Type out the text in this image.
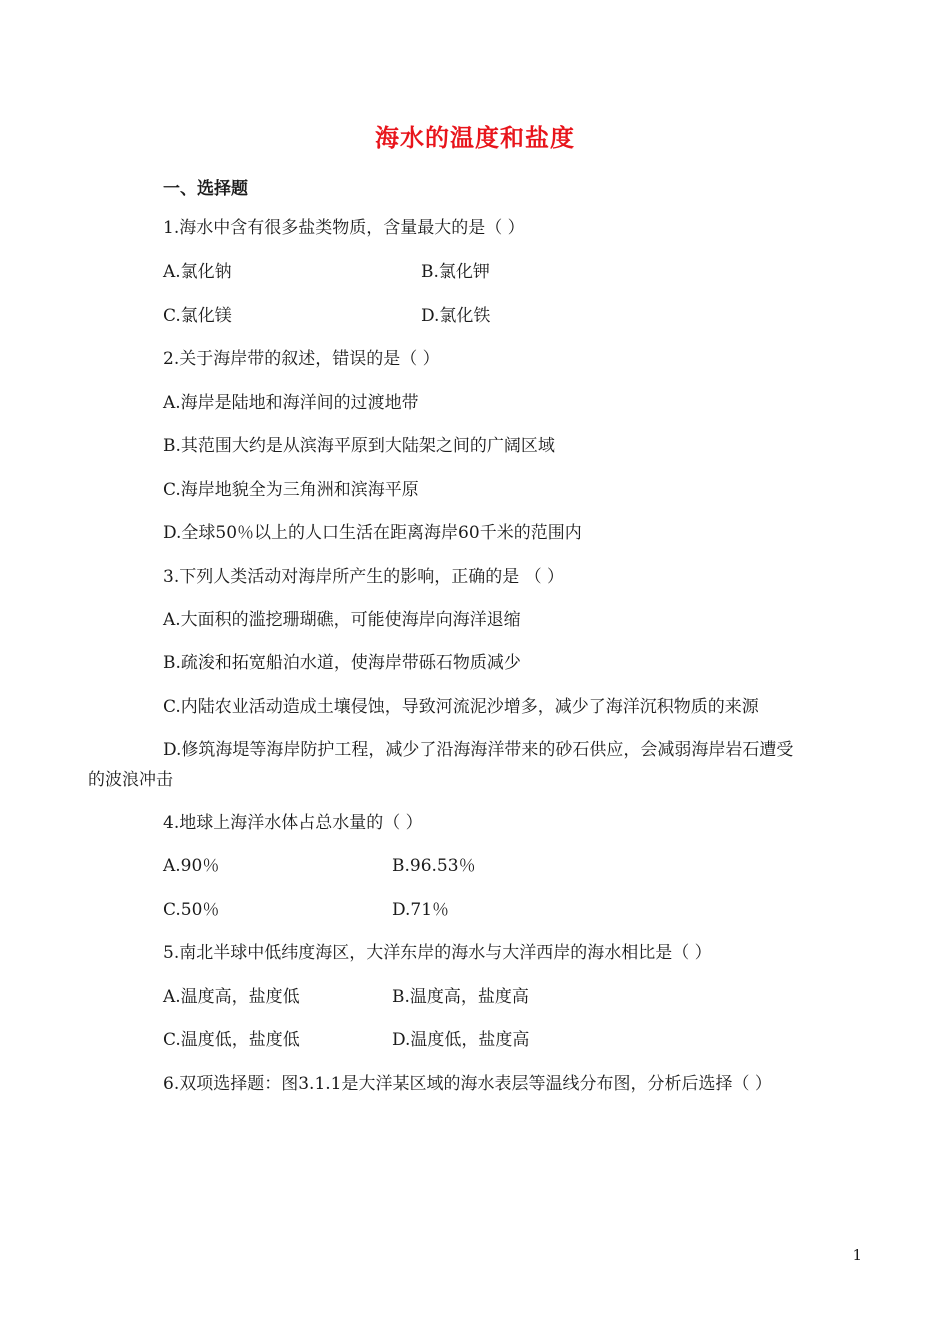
海水的温度和盐度
一、选择题
1.海水中含有很多盐类物质，含量最大的是（ ）
A.氯化钠	B.氯化钾
C.氯化镁	D.氯化铁
2.关于海岸带的叙述，错误的是（ ）
A.海岸是陆地和海洋间的过渡地带
B.其范围大约是从滨海平原到大陆架之间的广阔区域
C.海岸地貌全为三角洲和滨海平原
D.全球50％以上的人口生活在距离海岸60千米的范围内
3.下列人类活动对海岸所产生的影响，正确的是 （ ）
A.大面积的滥挖珊瑚礁，可能使海岸向海洋退缩
B.疏浚和拓宽船泊水道，使海岸带砾石物质减少
C.内陆农业活动造成土壤侵蚀，导致河流泥沙增多，减少了海洋沉积物质的来源
D.修筑海堤等海岸防护工程，减少了沿海海洋带来的砂石供应，会减弱海岸岩石遭受
的波浪冲击
4.地球上海洋水体占总水量的（ ）
A.90％	B.96.53％
C.50％	D.71％
5.南北半球中低纬度海区，大洋东岸的海水与大洋西岸的海水相比是（ ）
A.温度高，盐度低	B.温度高，盐度高
C.温度低，盐度低	D.温度低，盐度高
6.双项选择题：图3.1.1是大洋某区域的海水表层等温线分布图，分析后选择（ ）
1
